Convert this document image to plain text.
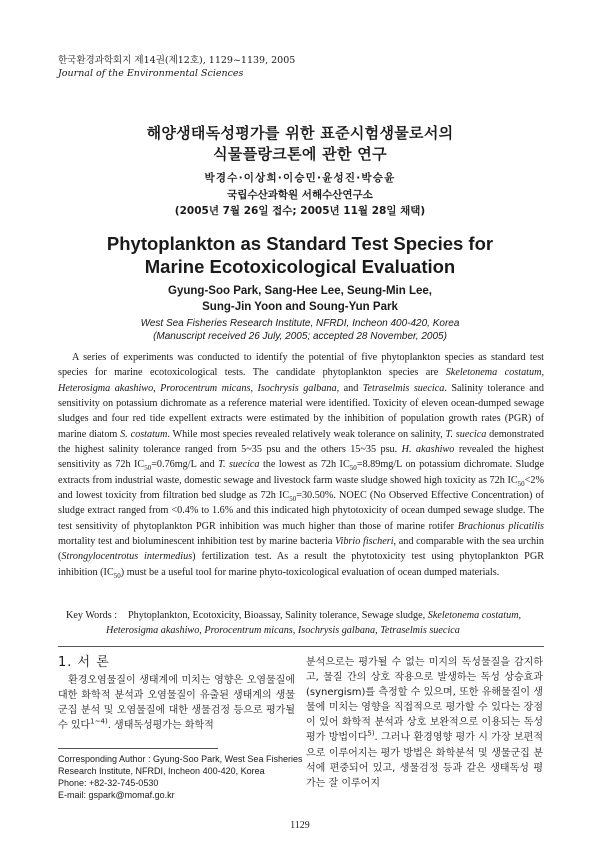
한국환경과학회지 제14권(제12호), 1129~1139, 2005
Journal of the Environmental Sciences
해양생태독성평가를 위한 표준시험생물로서의
식물플랑크톤에 관한 연구
박경수·이상희·이승민·윤성진·박승윤
국립수산과학원 서해수산연구소
(2005년 7월 26일 접수; 2005년 11월 28일 채택)
Phytoplankton as Standard Test Species for
Marine Ecotoxicological Evaluation
Gyung-Soo Park, Sang-Hee Lee, Seung-Min Lee,
Sung-Jin Yoon and Soung-Yun Park
West Sea Fisheries Research Institute, NFRDI, Incheon 400-420, Korea
(Manuscript received 26 July, 2005; accepted 28 November, 2005)
A series of experiments was conducted to identify the potential of five phytoplankton species as standard test species for marine ecotoxicological tests. The candidate phytoplankton species are Skeletonema costatum, Heterosigma akashiwo, Prorocentrum micans, Isochrysis galbana, and Tetraselmis suecica. Salinity tolerance and sensitivity on potassium dichromate as a reference material were identified. Toxicity of eleven ocean-dumped sewage sludges and four red tide expellent extracts were estimated by the inhibition of population growth rates (PGR) of marine diatom S. costatum. While most species revealed relatively weak tolerance on salinity, T. suecica demonstrated the highest salinity tolerance ranged from 5~35 psu and the others 15~35 psu. H. akashiwo revealed the highest sensitivity as 72h $IC_{50}=0.76mg/L$ and T. suecica the lowest as 72h $IC_{50}=8.89mg/L$ on potassium dichromate. Sludge extracts from industrial waste, domestic sewage and livestock farm waste sludge showed high toxicity as 72h $IC_{50}<2\%$ and lowest toxicity from filtration bed sludge as 72h $IC_{50}=30.50\%$. NOEC (No Observed Effective Concentration) of sludge extract ranged from <0.4% to 1.6% and this indicated high phytotoxicity of ocean dumped sewage sludge. The test sensitivity of phytoplankton PGR inhibition was much higher than those of marine rotifer Brachionus plicatilis mortality test and bioluminescent inhibition test by marine bacteria Vibrio fischeri, and comparable with the sea urchin (Strongylocentrotus intermedius) fertilization test. As a result the phytotoxicity test using phytoplankton PGR inhibition $(IC_{50})$ must be a useful tool for marine phyto-toxicological evaluation of ocean dumped materials.
Key Words : Phytoplankton, Ecotoxicity, Bioassay, Salinity tolerance, Sewage sludge, Skeletonema costatum,
Heterosigma akashiwo, Prorocentrum micans, Isochrysis galbana, Tetraselmis suecica
1. 서 론

환경오염물질이 생태계에 미치는 영향은 오염물질에 대한 화학적 분석과 오염물질이 유출된 생태계의 생물군집 분석 및 오염물질에 대한 생물검정 등으로 평가될 수 있다$^{1\sim 4)}$. 생태독성평가는 화학적

분석으로는 평가될 수 없는 미지의 독성물질을 감지하고, 물질 간의 상호 작용으로 발생하는 독성 상승효과(synergism)를 측정할 수 있으며, 또한 유해물질이 생물에 미치는 영향을 직접적으로 평가할 수 있다는 장점이 있어 화학적 분석과 상호 보완적으로 이용되는 독성 평가 방법이다$^{5)}$. 그러나 환경영향 평가 시 가장 보편적으로 이루어지는 평가 방법은 화학분석 및 생물군집 분석에 편중되어 있고, 생물검정 등과 같은 생태독성 평가는 잘 이루어지

Corresponding Author : Gyung-Soo Park, West Sea Fisheries
Research Institute, NFRDI, Incheon 400-420, Korea
Phone: +82-32-745-0530
E-mail: gspark@momaf.go.kr
1129
